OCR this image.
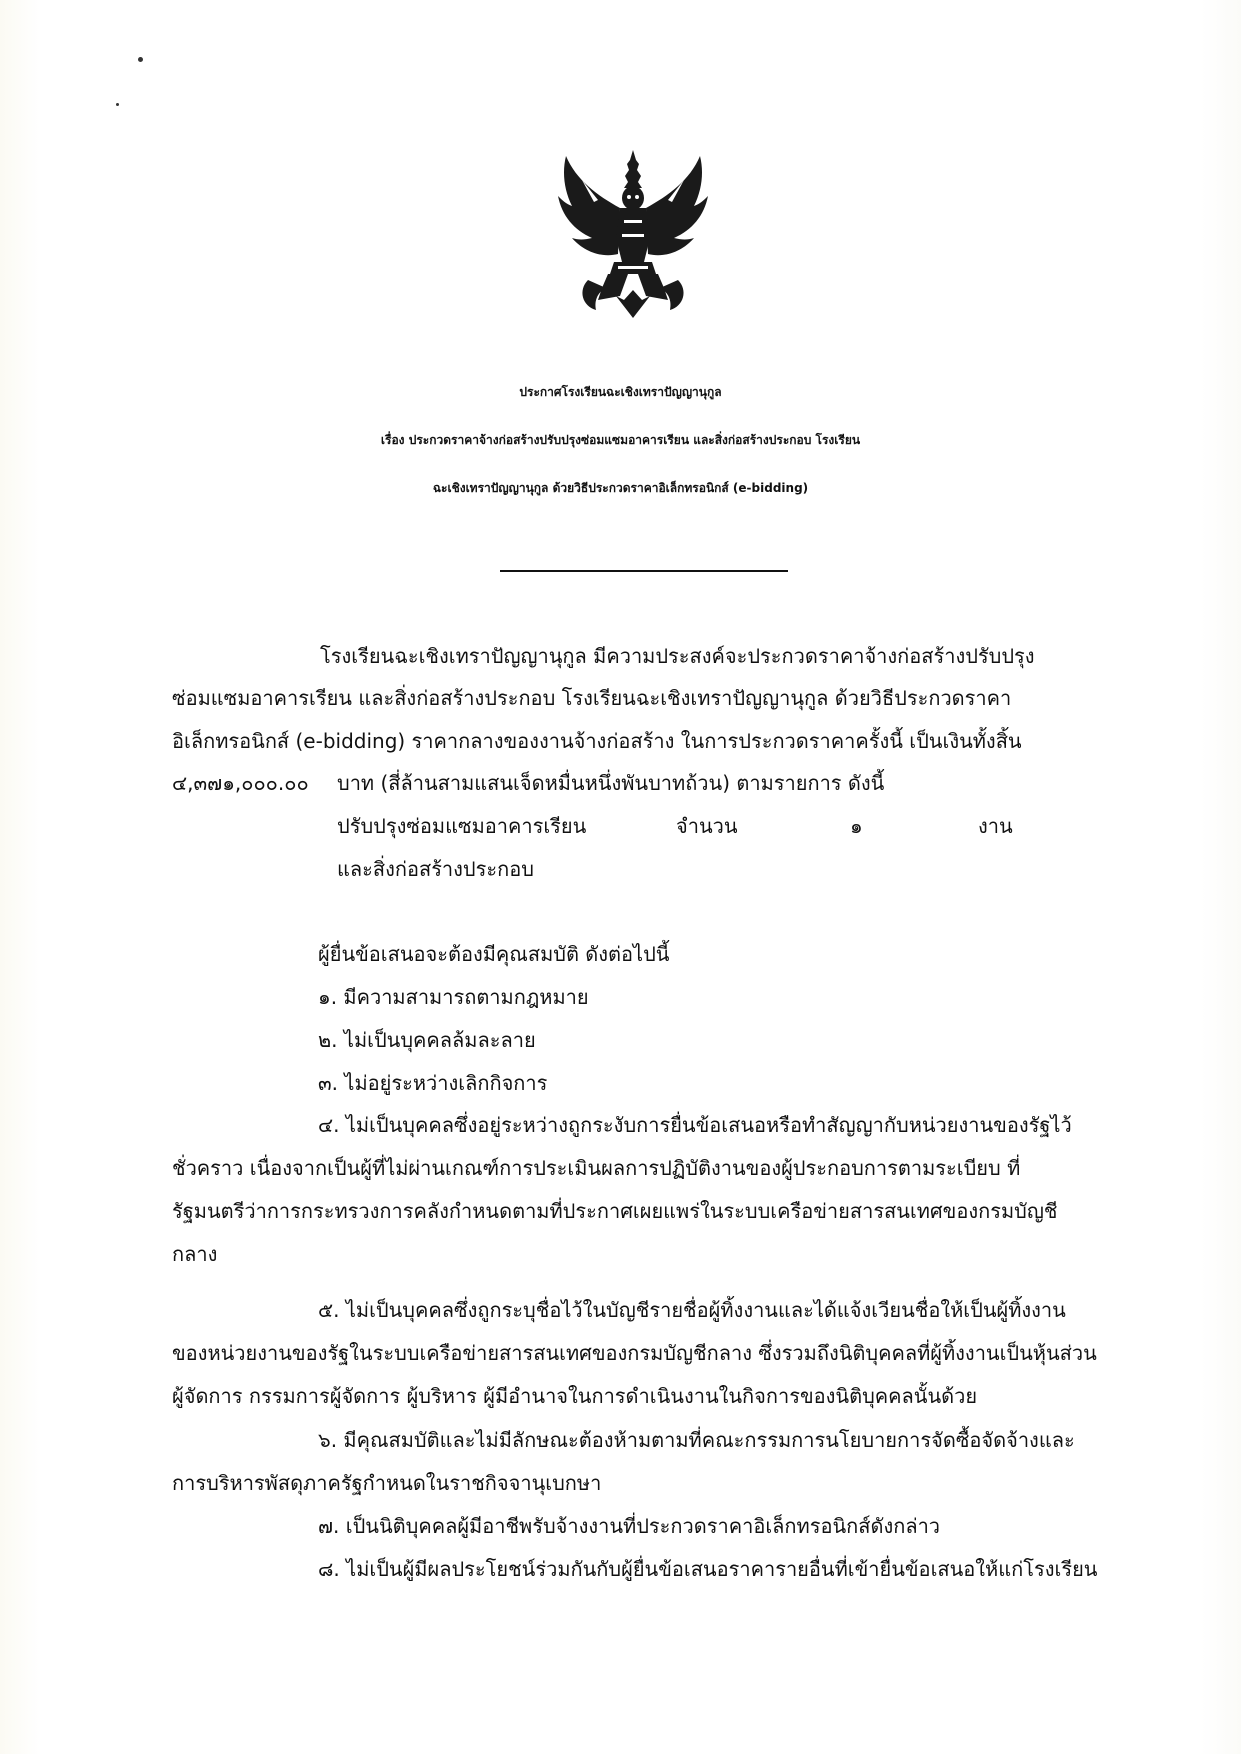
ประกาศโรงเรียนฉะเชิงเทราปัญญานุกูล
เรื่อง ประกวดราคาจ้างก่อสร้างปรับปรุงซ่อมแซมอาคารเรียน และสิ่งก่อสร้างประกอบ โรงเรียน
ฉะเชิงเทราปัญญานุกูล ด้วยวิธีประกวดราคาอิเล็กทรอนิกส์ (e-bidding)
โรงเรียนฉะเชิงเทราปัญญานุกูล มีความประสงค์จะประกวดราคาจ้างก่อสร้างปรับปรุง
ซ่อมแซมอาคารเรียน และสิ่งก่อสร้างประกอบ โรงเรียนฉะเชิงเทราปัญญานุกูล ด้วยวิธีประกวดราคา
อิเล็กทรอนิกส์ (e-bidding) ราคากลางของงานจ้างก่อสร้าง ในการประกวดราคาครั้งนี้ เป็นเงินทั้งสิ้น
๔,๓๗๑,๐๐๐.๐๐ บาท (สี่ล้านสามแสนเจ็ดหมื่นหนึ่งพันบาทถ้วน) ตามรายการ ดังนี้
ปรับปรุงซ่อมแซมอาคารเรียน	จำนวน	๑	งาน
และสิ่งก่อสร้างประกอบ
ผู้ยื่นข้อเสนอจะต้องมีคุณสมบัติ ดังต่อไปนี้
๑. มีความสามารถตามกฎหมาย
๒. ไม่เป็นบุคคลล้มละลาย
๓. ไม่อยู่ระหว่างเลิกกิจการ
๔. ไม่เป็นบุคคลซึ่งอยู่ระหว่างถูกระงับการยื่นข้อเสนอหรือทำสัญญากับหน่วยงานของรัฐไว้
ชั่วคราว เนื่องจากเป็นผู้ที่ไม่ผ่านเกณฑ์การประเมินผลการปฏิบัติงานของผู้ประกอบการตามระเบียบ ที่
รัฐมนตรีว่าการกระทรวงการคลังกำหนดตามที่ประกาศเผยแพร่ในระบบเครือข่ายสารสนเทศของกรมบัญชี
กลาง
๕. ไม่เป็นบุคคลซึ่งถูกระบุชื่อไว้ในบัญชีรายชื่อผู้ทิ้งงานและได้แจ้งเวียนชื่อให้เป็นผู้ทิ้งงาน
ของหน่วยงานของรัฐในระบบเครือข่ายสารสนเทศของกรมบัญชีกลาง ซึ่งรวมถึงนิติบุคคลที่ผู้ทิ้งงานเป็นหุ้นส่วน
ผู้จัดการ กรรมการผู้จัดการ ผู้บริหาร ผู้มีอำนาจในการดำเนินงานในกิจการของนิติบุคคลนั้นด้วย
๖. มีคุณสมบัติและไม่มีลักษณะต้องห้ามตามที่คณะกรรมการนโยบายการจัดซื้อจัดจ้างและ
การบริหารพัสดุภาครัฐกำหนดในราชกิจจานุเบกษา
๗. เป็นนิติบุคคลผู้มีอาชีพรับจ้างงานที่ประกวดราคาอิเล็กทรอนิกส์ดังกล่าว
๘. ไม่เป็นผู้มีผลประโยชน์ร่วมกันกับผู้ยื่นข้อเสนอราคารายอื่นที่เข้ายื่นข้อเสนอให้แก่โรงเรียน
